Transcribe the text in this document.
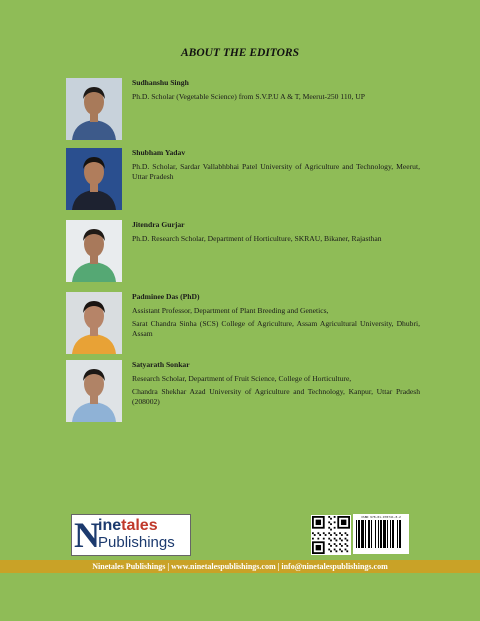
ABOUT THE EDITORS
Sudhanshu Singh
Ph.D. Scholar (Vegetable Science) from S.V.P.U A & T, Meerut-250 110, UP
Shubham Yadav
Ph.D. Scholar, Sardar Vallabhbhai Patel University of Agriculture and Technology, Meerut, Uttar Pradesh
Jitendra Gurjar
Ph.D. Research Scholar, Department of Horticulture, SKRAU, Bikaner, Rajasthan
Padminee Das (PhD)
Assistant Professor, Department of Plant Breeding and Genetics,
Sarat Chandra Sinha (SCS) College of Agriculture, Assam Agricultural University, Dhubri, Assam
Satyarath Sonkar
Research Scholar, Department of Fruit Science, College of Horticulture,
Chandra Shekhar Azad University of Agriculture and Technology, Kanpur, Uttar Pradesh (208002)
N
inetales
Publishings
ISBN 978-81-978741-8-2
Ninetales Publishings | www.ninetalespublishings.com | info@ninetalespublishings.com
